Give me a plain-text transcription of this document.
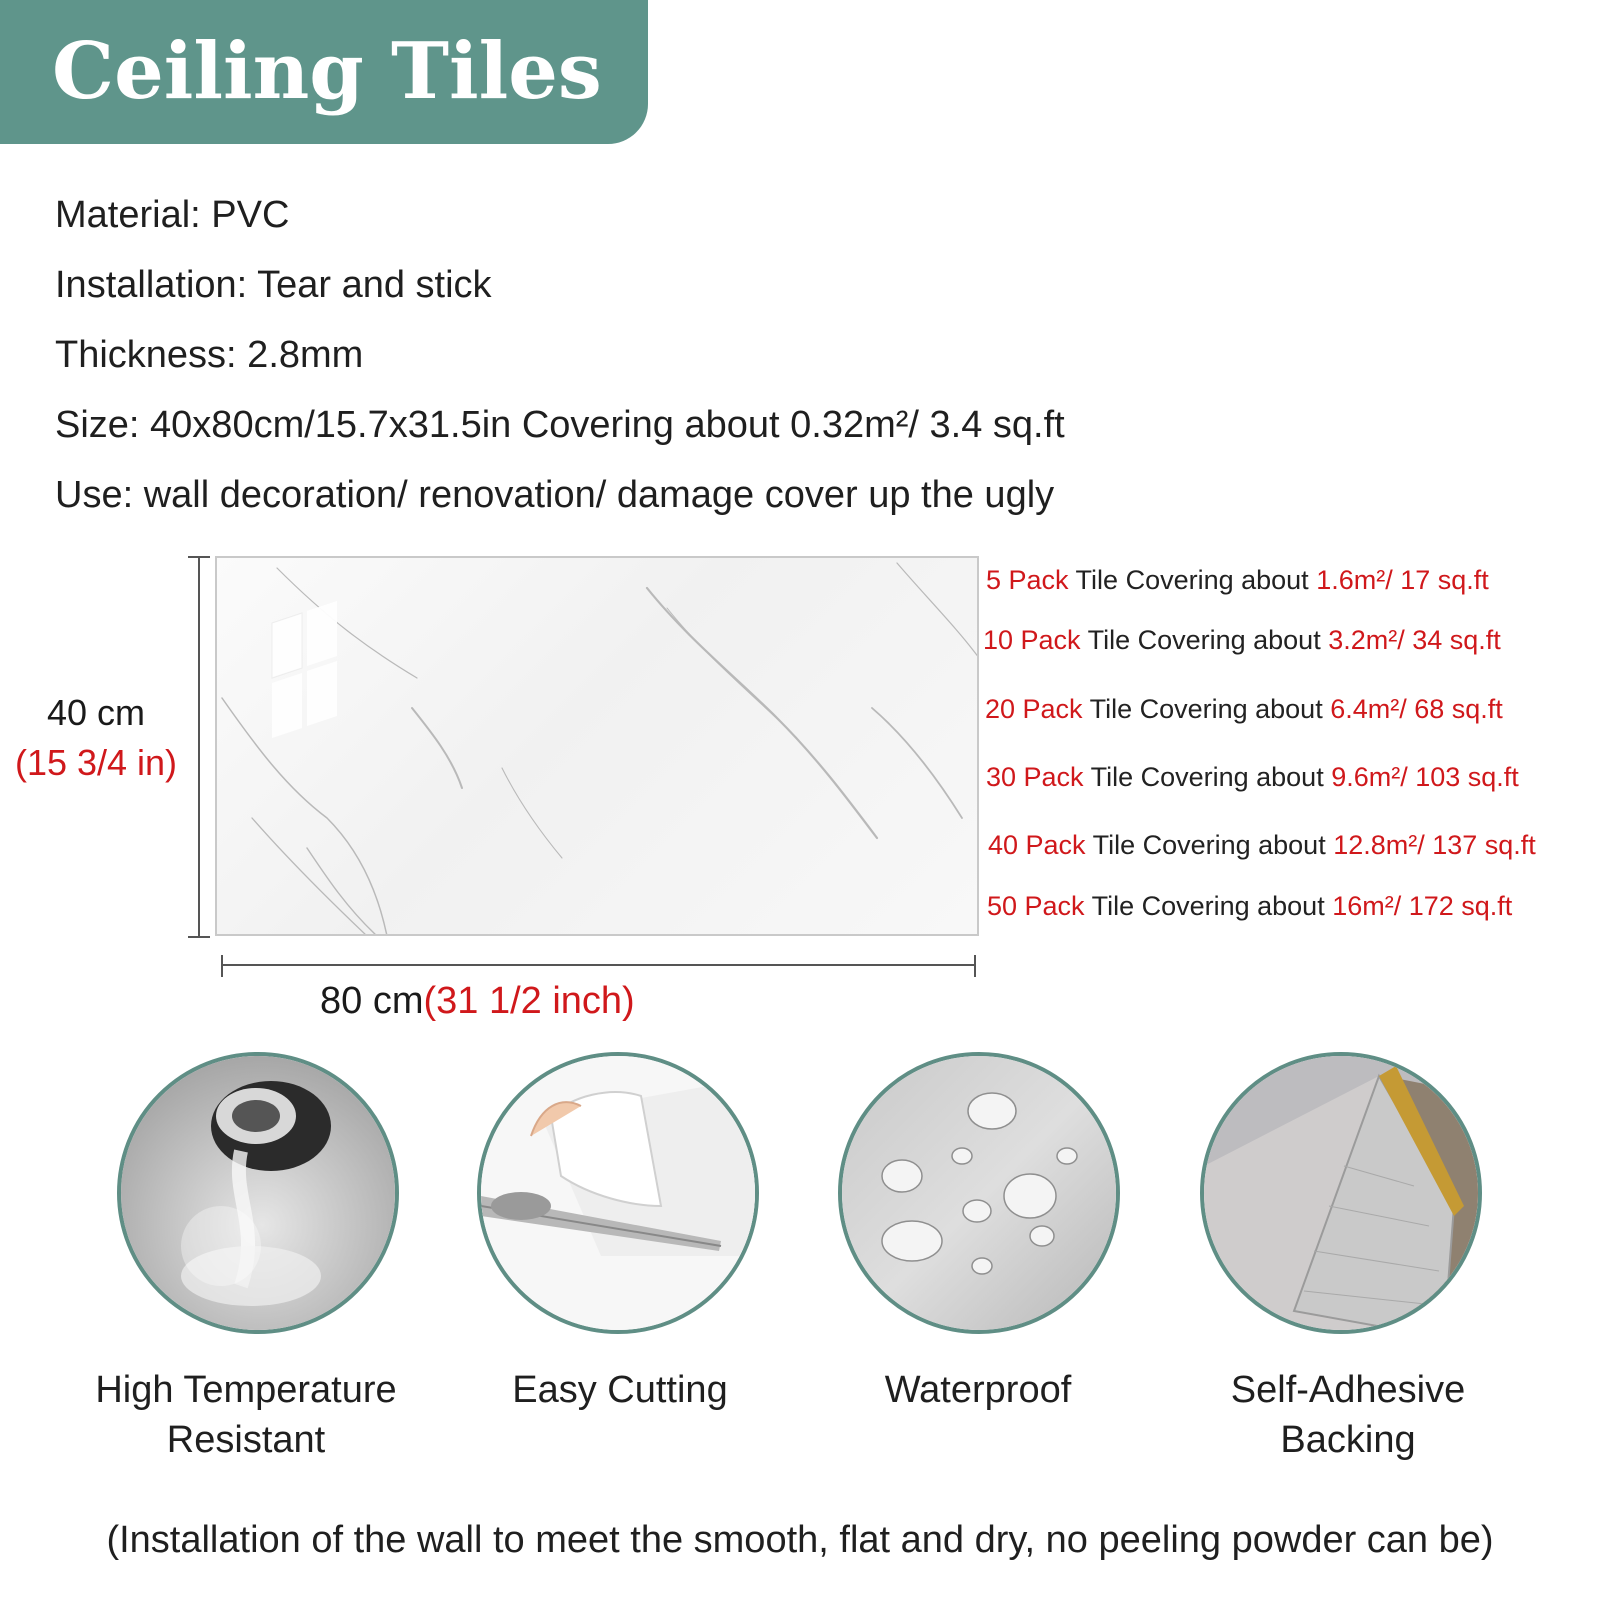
Ceiling Tiles
Material: PVC
Installation: Tear and stick
Thickness: 2.8mm
Size: 40x80cm/15.7x31.5in Covering about 0.32m²/ 3.4 sq.ft
Use: wall decoration/ renovation/ damage cover up the ugly
40 cm
(15 3/4 in)
5 Pack Tile Covering about 1.6m²/ 17 sq.ft
10 Pack Tile Covering about 3.2m²/ 34 sq.ft
20 Pack Tile Covering about 6.4m²/ 68 sq.ft
30 Pack Tile Covering about 9.6m²/ 103 sq.ft
40 Pack Tile Covering about 12.8m²/ 137 sq.ft
50 Pack Tile Covering about 16m²/ 172 sq.ft
80 cm(31 1/2 inch)
High Temperature
Resistant
Easy Cutting	Waterproof	Self-Adhesive
Backing
(Installation of the wall to meet the smooth, flat and dry, no peeling powder can be)
